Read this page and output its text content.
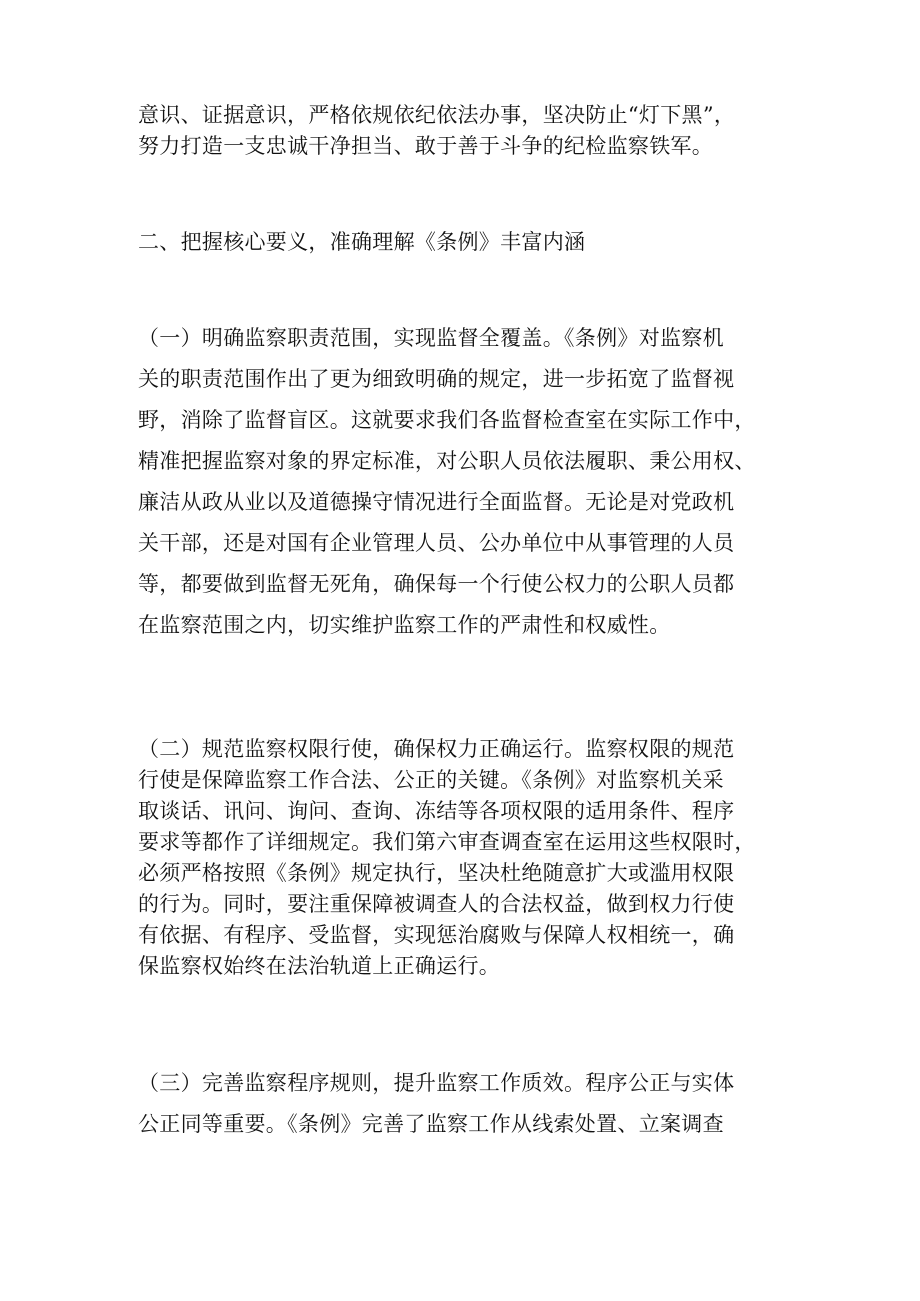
意识、证据意识，严格依规依纪依法办事，坚决防止“灯下黑”，
努力打造一支忠诚干净担当、敢于善于斗争的纪检监察铁军。
二、把握核心要义，准确理解《条例》丰富内涵
（一）明确监察职责范围，实现监督全覆盖。《条例》对监察机
关的职责范围作出了更为细致明确的规定，进一步拓宽了监督视
野，消除了监督盲区。这就要求我们各监督检查室在实际工作中，
精准把握监察对象的界定标准，对公职人员依法履职、秉公用权、
廉洁从政从业以及道德操守情况进行全面监督。无论是对党政机
关干部，还是对国有企业管理人员、公办单位中从事管理的人员
等，都要做到监督无死角，确保每一个行使公权力的公职人员都
在监察范围之内，切实维护监察工作的严肃性和权威性。
（二）规范监察权限行使，确保权力正确运行。监察权限的规范
行使是保障监察工作合法、公正的关键。《条例》对监察机关采
取谈话、讯问、询问、查询、冻结等各项权限的适用条件、程序
要求等都作了详细规定。我们第六审查调查室在运用这些权限时，
必须严格按照《条例》规定执行，坚决杜绝随意扩大或滥用权限
的行为。同时，要注重保障被调查人的合法权益，做到权力行使
有依据、有程序、受监督，实现惩治腐败与保障人权相统一，确
保监察权始终在法治轨道上正确运行。
（三）完善监察程序规则，提升监察工作质效。程序公正与实体
公正同等重要。《条例》完善了监察工作从线索处置、立案调查
